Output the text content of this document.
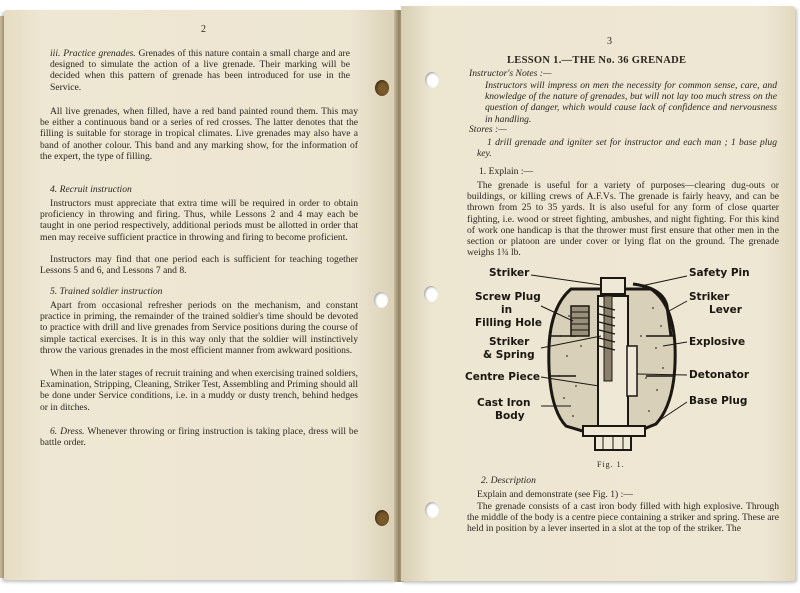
2
iii. Practice grenades. Grenades of this nature contain a small charge and are designed to simulate the action of a live grenade. Their marking will be decided when this pattern of grenade has been introduced for use in the Service.

All live grenades, when filled, have a red band painted round them. This may be either a continuous band or a series of red crosses. The latter denotes that the filling is suitable for storage in tropical climates. Live grenades may also have a band of another colour. This band and any marking show, for the information of the expert, the type of filling.

4. Recruit instruction

Instructors must appreciate that extra time will be required in order to obtain proficiency in throwing and firing. Thus, while Lessons 2 and 4 may each be taught in one period respectively, additional periods must be allotted in order that men may receive sufficient practice in throwing and firing to become proficient.

Instructors may find that one period each is sufficient for teaching together Lessons 5 and 6, and Lessons 7 and 8.

5. Trained soldier instruction

Apart from occasional refresher periods on the mechanism, and constant practice in priming, the remainder of the trained soldier's time should be devoted to practice with drill and live grenades from Service positions during the course of simple tactical exercises. It is in this way only that the soldier will instinctively throw the various grenades in the most efficient manner from awkward positions.

When in the later stages of recruit training and when exercising trained soldiers, Examination, Stripping, Cleaning, Striker Test, Assembling and Priming should all be done under Service conditions, i.e. in a muddy or dusty trench, behind hedges or in ditches.

6. Dress. Whenever throwing or firing instruction is taking place, dress will be battle order.
3
LESSON 1.—THE No. 36 GRENADE
Instructor's Notes :—

Instructors will impress on men the necessity for common sense, care, and knowledge of the nature of grenades, but will not lay too much stress on the question of danger, which would cause lack of confidence and nervousness in handling.

Stores :—

1 drill grenade and igniter set for instructor and each man ; 1 base plug key.

1. Explain :—

The grenade is useful for a variety of purposes—clearing dug-outs or buildings, or killing crews of A.F.Vs. The grenade is fairly heavy, and can be thrown from 25 to 35 yards. It is also useful for any form of close quarter fighting, i.e. wood or street fighting, ambushes, and night fighting. For this kind of work one handicap is that the thrower must first ensure that other men in the section or platoon are under cover or lying flat on the ground. The grenade weighs 1¾ lb.

Striker
Screw Plug
in
Filling Hole
Striker
& Spring
Centre Piece
Cast Iron
Body
Safety Pin
Striker
Lever
Explosive
Detonator
Base Plug
Fig. 1.
2. Description

Explain and demonstrate (see Fig. 1) :—

The grenade consists of a cast iron body filled with high explosive. Through the middle of the body is a centre piece containing a striker and spring. These are held in position by a lever inserted in a slot at the top of the striker. The
